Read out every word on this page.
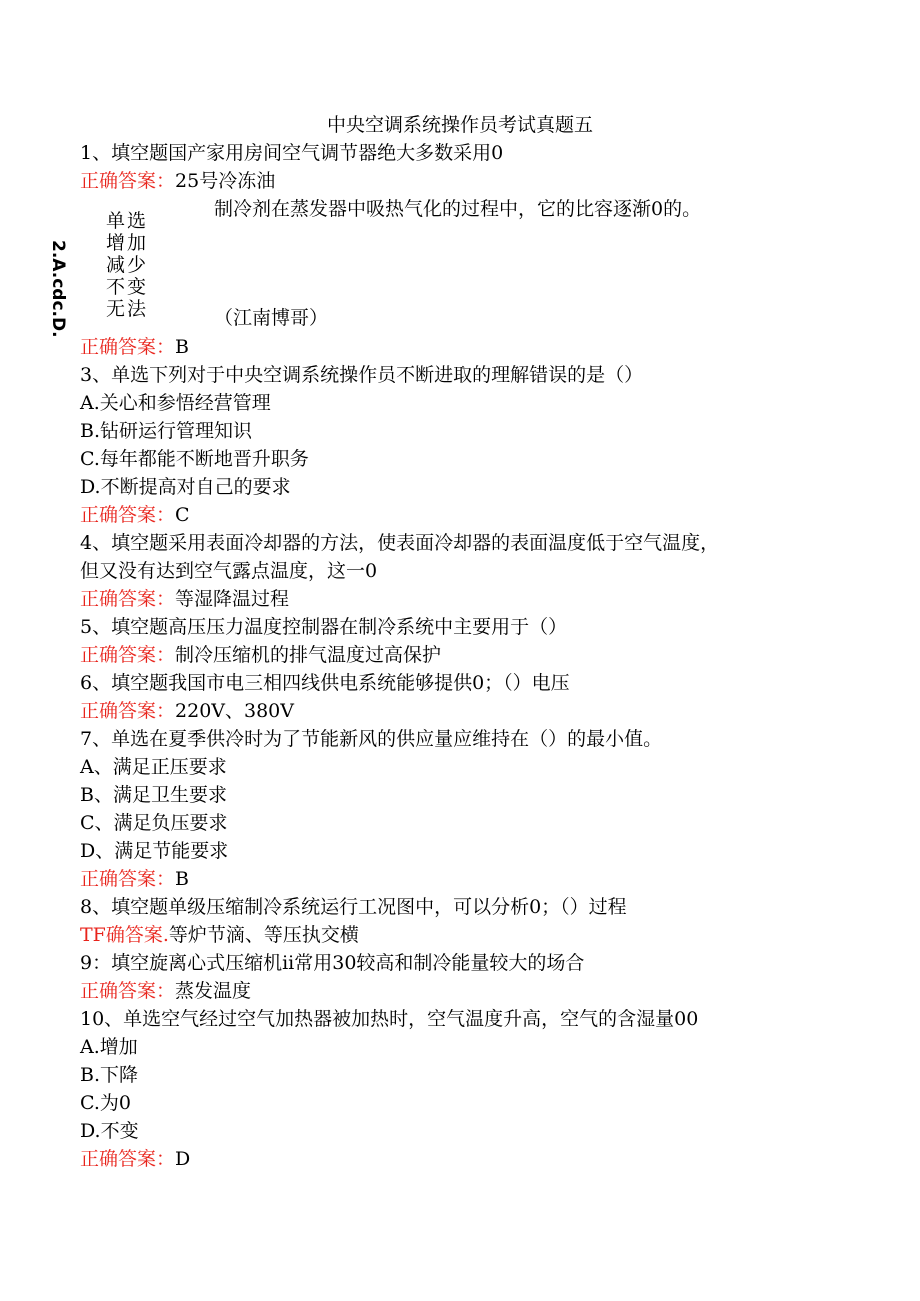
中央空调系统操作员考试真题五
1、填空题国产家用房间空气调节器绝大多数采用0
正确答案：25号冷冻油
制冷剂在蒸发器中吸热气化的过程中，它的比容逐渐0的。
2.A.cdc.D.
单选
增加
减少
不变
无法	（江南博哥）
正确答案：B
3、单选下列对于中央空调系统操作员不断进取的理解错误的是（）
A.关心和参悟经营管理
B.钻研运行管理知识
C.每年都能不断地晋升职务
D.不断提高对自己的要求
正确答案：C
4、填空题采用表面冷却器的方法，使表面冷却器的表面温度低于空气温度，
但又没有达到空气露点温度，这一0
正确答案：等湿降温过程
5、填空题高压压力温度控制器在制冷系统中主要用于（）
正确答案：制冷压缩机的排气温度过高保护
6、填空题我国市电三相四线供电系统能够提供0；（）电压
正确答案：220V、380V
7、单选在夏季供冷时为了节能新风的供应量应维持在（）的最小值。
A、满足正压要求
B、满足卫生要求
C、满足负压要求
D、满足节能要求
正确答案：B
8、填空题单级压缩制冷系统运行工况图中，可以分析0；（）过程
TF确答案.等炉节滴、等压执交横
9：填空旋离心式压缩机ii常用30较高和制冷能量较大的场合
正确答案：蒸发温度
10、单选空气经过空气加热器被加热时，空气温度升高，空气的含湿量00
A.增加
B.下降
C.为0
D.不变
正确答案：D
